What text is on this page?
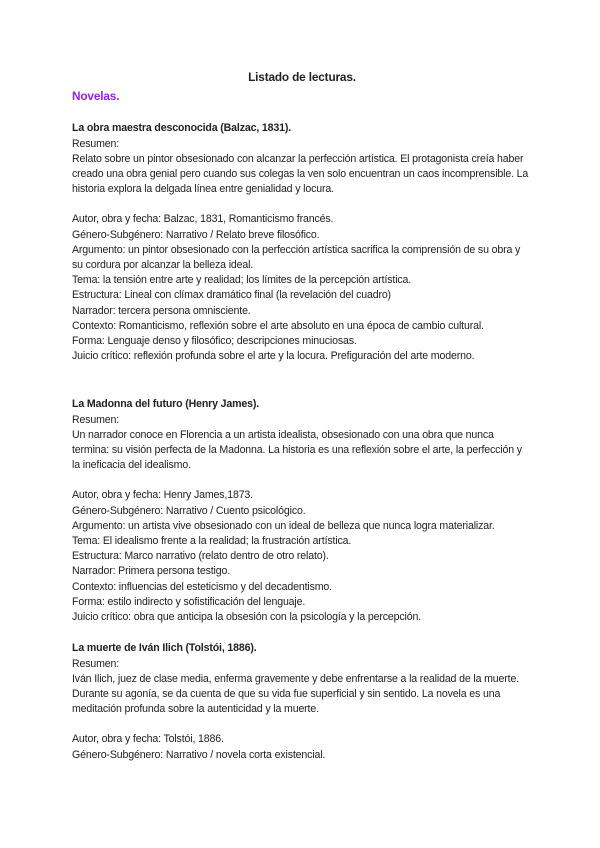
Listado de lecturas.

Novelas.

La obra maestra desconocida (Balzac, 1831).

Resumen:

Relato sobre un pintor obsesionado con alcanzar la perfección artística. El protagonista creía haber creado una obra genial pero cuando sus colegas la ven solo encuentran un caos incomprensible. La historia explora la delgada línea entre genialidad y locura.

Autor, obra y fecha: Balzac, 1831, Romanticismo francés.

Género-Subgénero: Narrativo / Relato breve filosófico.

Argumento: un pintor obsesionado con la perfección artística sacrifica la comprensión de su obra y su cordura por alcanzar la belleza ideal.

Tema: la tensión entre arte y realidad; los límites de la percepción artística.

Estructura: Lineal con clímax dramático final (la revelación del cuadro)

Narrador: tercera persona omnisciente.

Contexto: Romanticismo, reflexión sobre el arte absoluto en una época de cambio cultural.

Forma: Lenguaje denso y filosófico; descripciones minuciosas.

Juicio crítico: reflexión profunda sobre el arte y la locura. Prefiguración del arte moderno.

La Madonna del futuro (Henry James).

Resumen:

Un narrador conoce en Florencia a un artista idealista, obsesionado con una obra que nunca termina: su visión perfecta de la Madonna. La historia es una reflexión sobre el arte, la perfección y la ineficacia del idealismo.

Autor, obra y fecha: Henry James,1873.

Género-Subgénero: Narrativo / Cuento psicológico.

Argumento: un artista vive obsesionado con un ideal de belleza que nunca logra materializar.

Tema: El idealismo frente a la realidad; la frustración artística.

Estructura: Marco narrativo (relato dentro de otro relato).

Narrador: Primera persona testigo.

Contexto: influencias del esteticismo y del decadentismo.

Forma: estilo indirecto y sofistificación del lenguaje.

Juicio crítico: obra que anticipa la obsesión con la psicología y la percepción.

La muerte de Iván Ilich (Tolstói, 1886).

Resumen:

Iván Ilich, juez de clase media, enferma gravemente y debe enfrentarse a la realidad de la muerte. Durante su agonía, se da cuenta de que su vida fue superficial y sin sentido. La novela es una meditación profunda sobre la autenticidad y la muerte.

Autor, obra y fecha: Tolstói, 1886.

Género-Subgénero: Narrativo / novela corta existencial.
